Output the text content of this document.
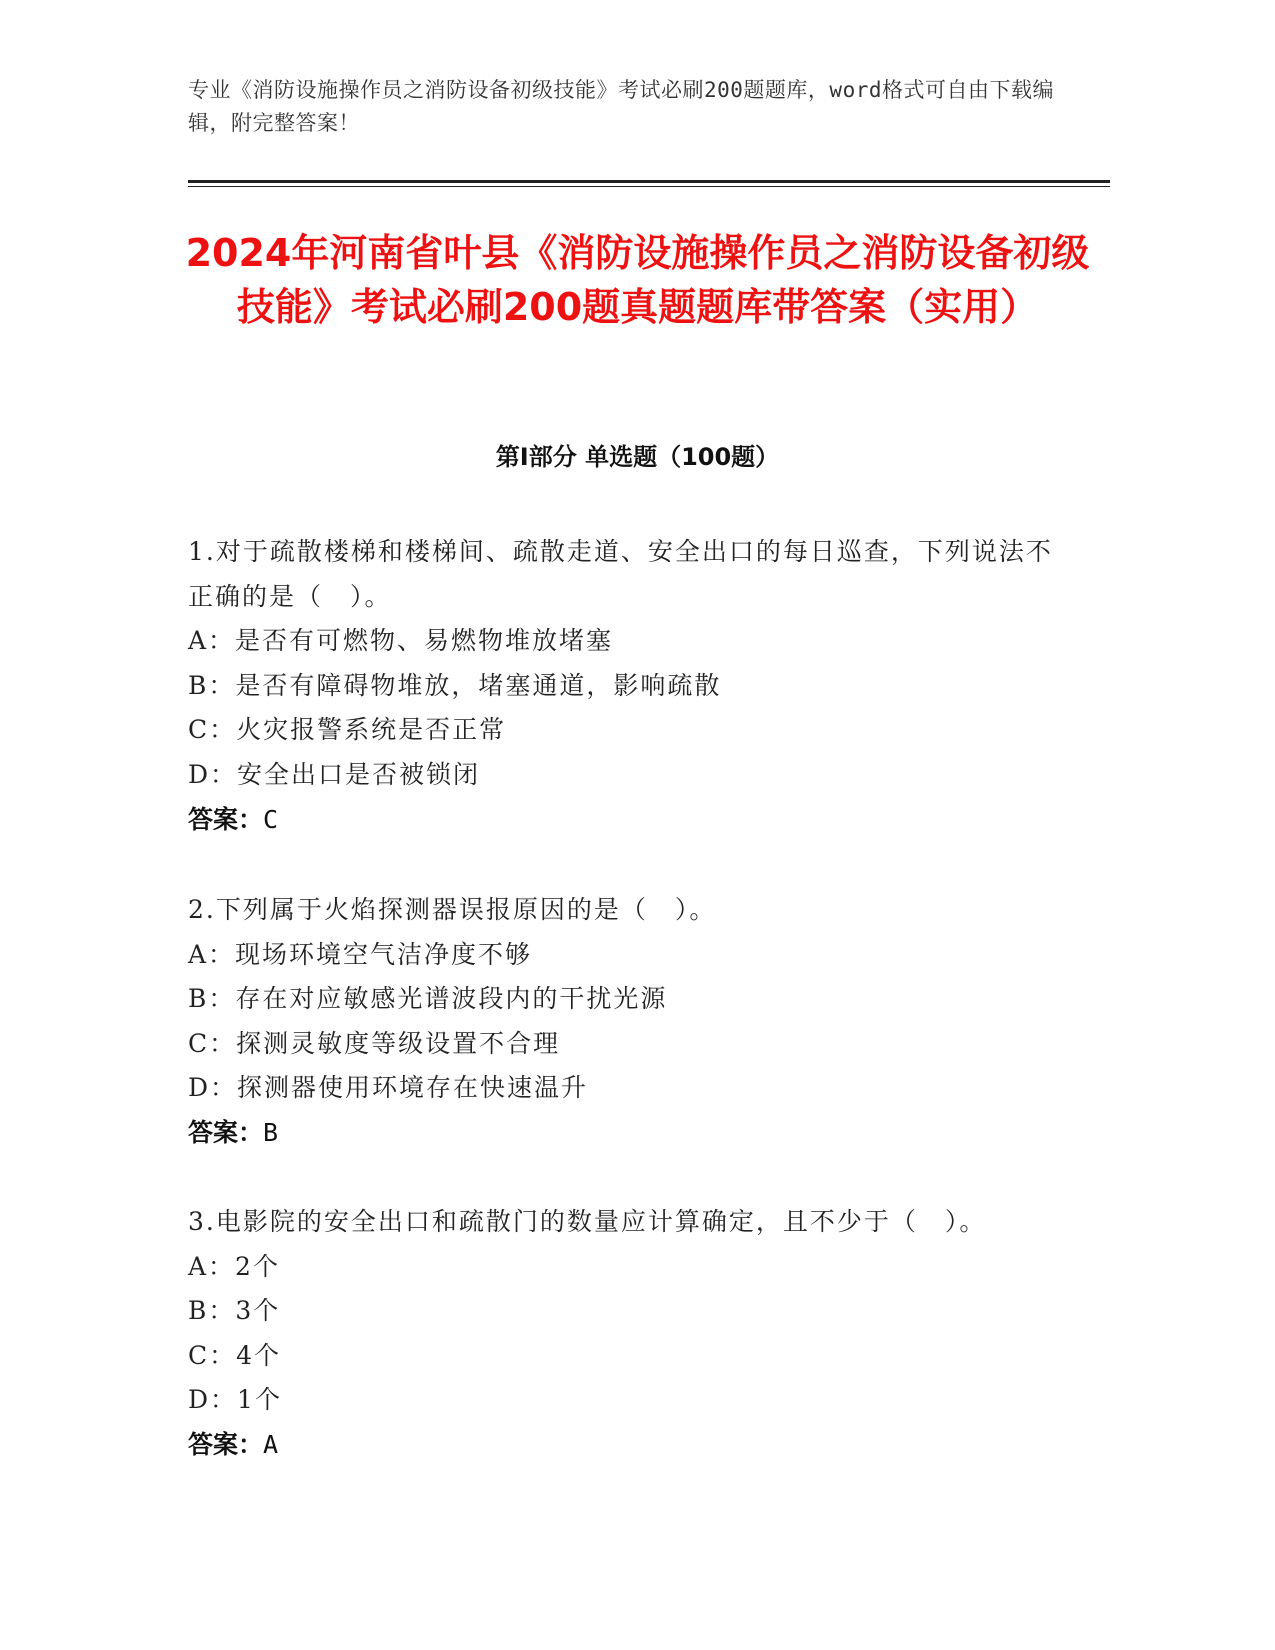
专业《消防设施操作员之消防设备初级技能》考试必刷200题题库，word格式可自由下载编辑，附完整答案！
2024年河南省叶县《消防设施操作员之消防设备初级技能》考试必刷200题真题题库带答案（实用）
第Ⅰ部分 单选题（100题）

1.对于疏散楼梯和楼梯间、疏散走道、安全出口的每日巡查，下列说法不正确的是（　）。

A：是否有可燃物、易燃物堆放堵塞

B：是否有障碍物堆放，堵塞通道，影响疏散

C：火灾报警系统是否正常

D：安全出口是否被锁闭

答案：C

2.下列属于火焰探测器误报原因的是（　）。

A：现场环境空气洁净度不够

B：存在对应敏感光谱波段内的干扰光源

C：探测灵敏度等级设置不合理

D：探测器使用环境存在快速温升

答案：B

3.电影院的安全出口和疏散门的数量应计算确定，且不少于（　）。

A：2个

B：3个

C：4个

D：1个

答案：A
